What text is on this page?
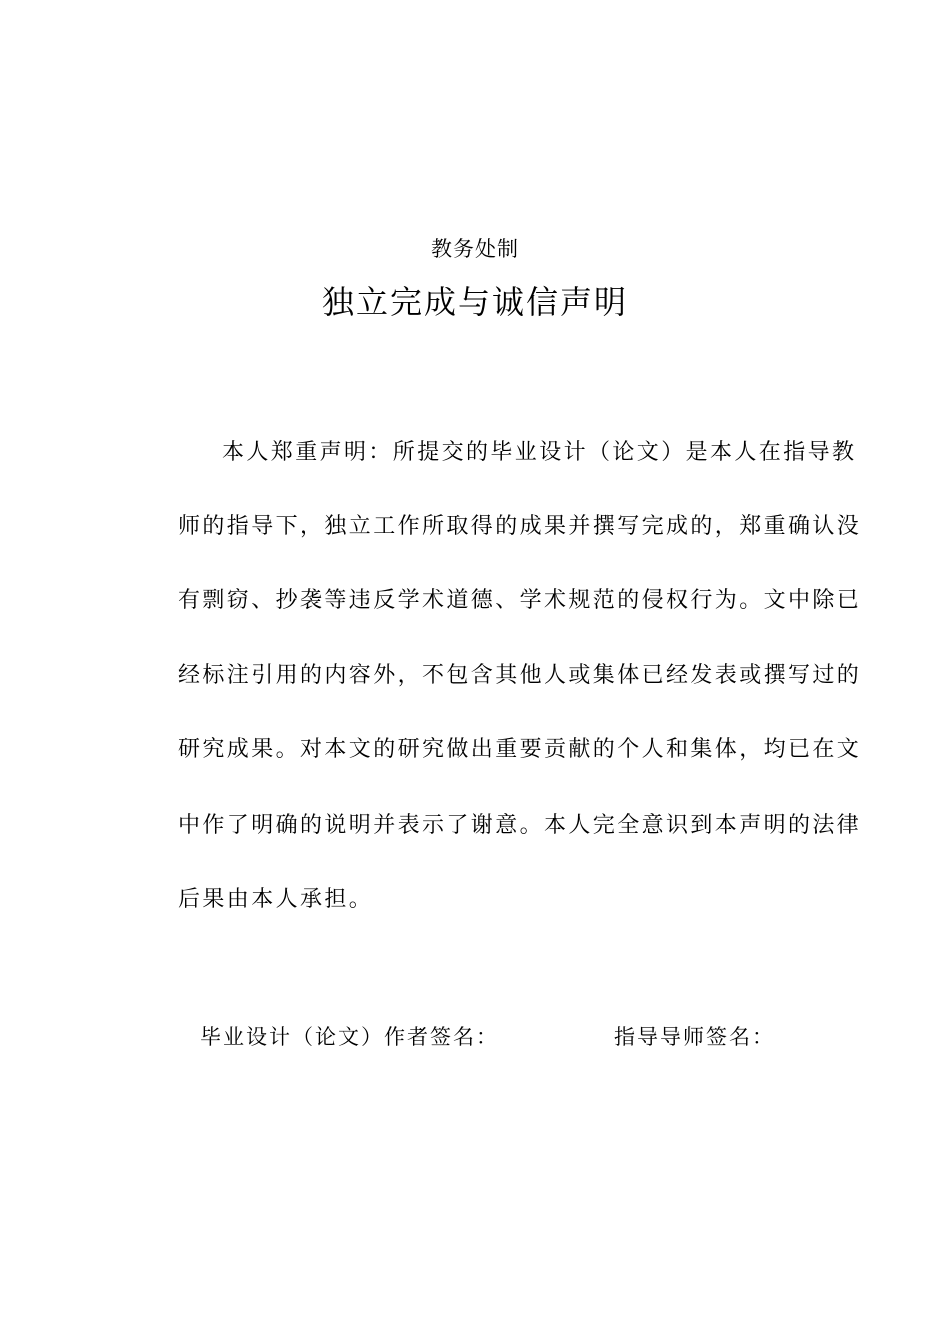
教务处制
独立完成与诚信声明
本人郑重声明：所提交的毕业设计（论文）是本人在指导教
师的指导下，独立工作所取得的成果并撰写完成的，郑重确认没
有剽窃、抄袭等违反学术道德、学术规范的侵权行为。文中除已
经标注引用的内容外，不包含其他人或集体已经发表或撰写过的
研究成果。对本文的研究做出重要贡献的个人和集体，均已在文
中作了明确的说明并表示了谢意。本人完全意识到本声明的法律
后果由本人承担。
毕业设计（论文）作者签名：	指导导师签名：
